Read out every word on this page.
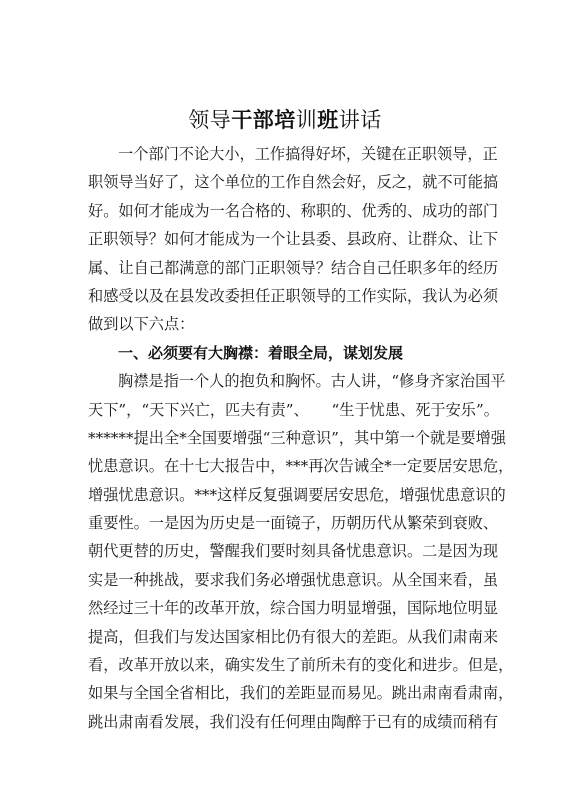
领导干部培训班讲话
一个部门不论大小，工作搞得好坏，关键在正职领导，正
职领导当好了，这个单位的工作自然会好，反之，就不可能搞
好。如何才能成为一名合格的、称职的、优秀的、成功的部门
正职领导？如何才能成为一个让县委、县政府、让群众、让下
属、让自己都满意的部门正职领导？结合自己任职多年的经历
和感受以及在县发改委担任正职领导的工作实际，我认为必须
做到以下六点：
一、必须要有大胸襟：着眼全局，谋划发展
胸襟是指一个人的抱负和胸怀。古人讲，“修身齐家治国平
天下”，“天下兴亡，匹夫有责”、　　“生于忧患、死于安乐”。
******提出全*全国要增强“三种意识”，其中第一个就是要增强
忧患意识。在十七大报告中，***再次告诫全*一定要居安思危，
增强忧患意识。***这样反复强调要居安思危，增强忧患意识的
重要性。一是因为历史是一面镜子，历朝历代从繁荣到衰败、
朝代更替的历史，警醒我们要时刻具备忧患意识。二是因为现
实是一种挑战，要求我们务必增强忧患意识。从全国来看，虽
然经过三十年的改革开放，综合国力明显增强，国际地位明显
提高，但我们与发达国家相比仍有很大的差距。从我们肃南来
看，改革开放以来，确实发生了前所未有的变化和进步。但是，
如果与全国全省相比，我们的差距显而易见。跳出肃南看肃南，
跳出肃南看发展，我们没有任何理由陶醉于已有的成绩而稍有
